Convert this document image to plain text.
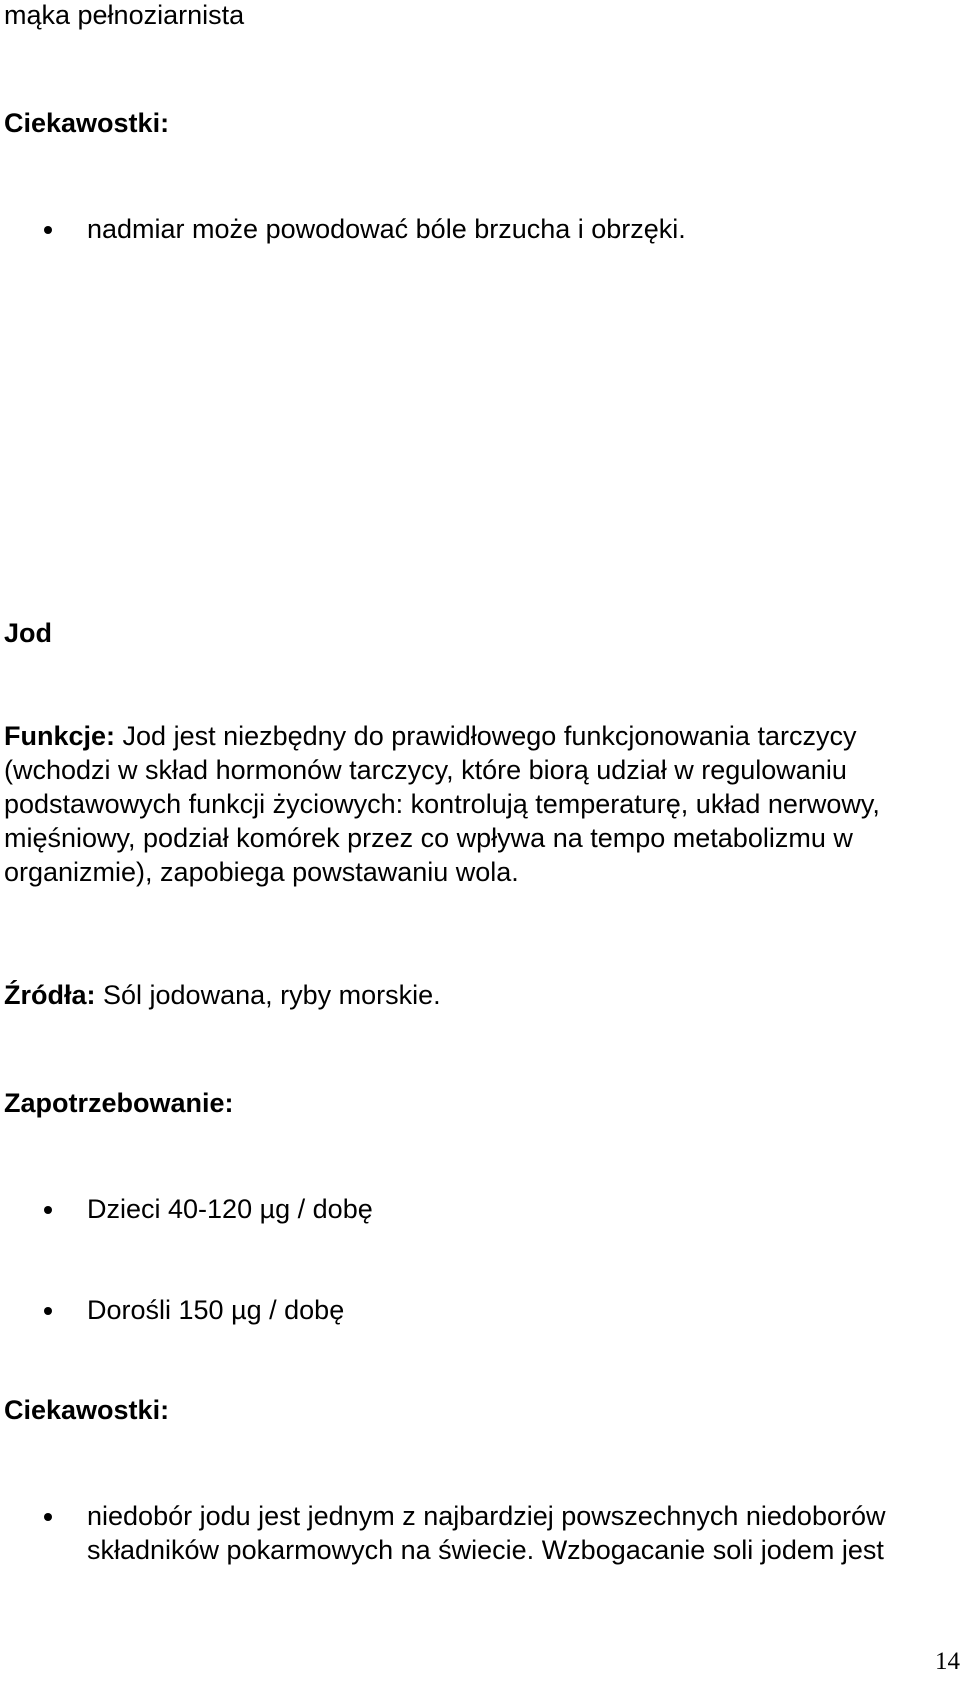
mąka pełnoziarnista

Ciekawostki:

nadmiar może powodować bóle brzucha i obrzęki.

Jod

Funkcje: Jod jest niezbędny do prawidłowego funkcjonowania tarczycy
(wchodzi w skład hormonów tarczycy, które biorą udział w regulowaniu
podstawowych funkcji życiowych: kontrolują temperaturę, układ nerwowy,
mięśniowy, podział komórek przez co wpływa na tempo metabolizmu w
organizmie), zapobiega powstawaniu wola.

Źródła: Sól jodowana, ryby morskie.

Zapotrzebowanie:

Dzieci 40-120 µg / dobę
Dorośli 150 µg / dobę

Ciekawostki:

niedobór jodu jest jednym z najbardziej powszechnych niedoborów
składników pokarmowych na świecie. Wzbogacanie soli jodem jest
14
